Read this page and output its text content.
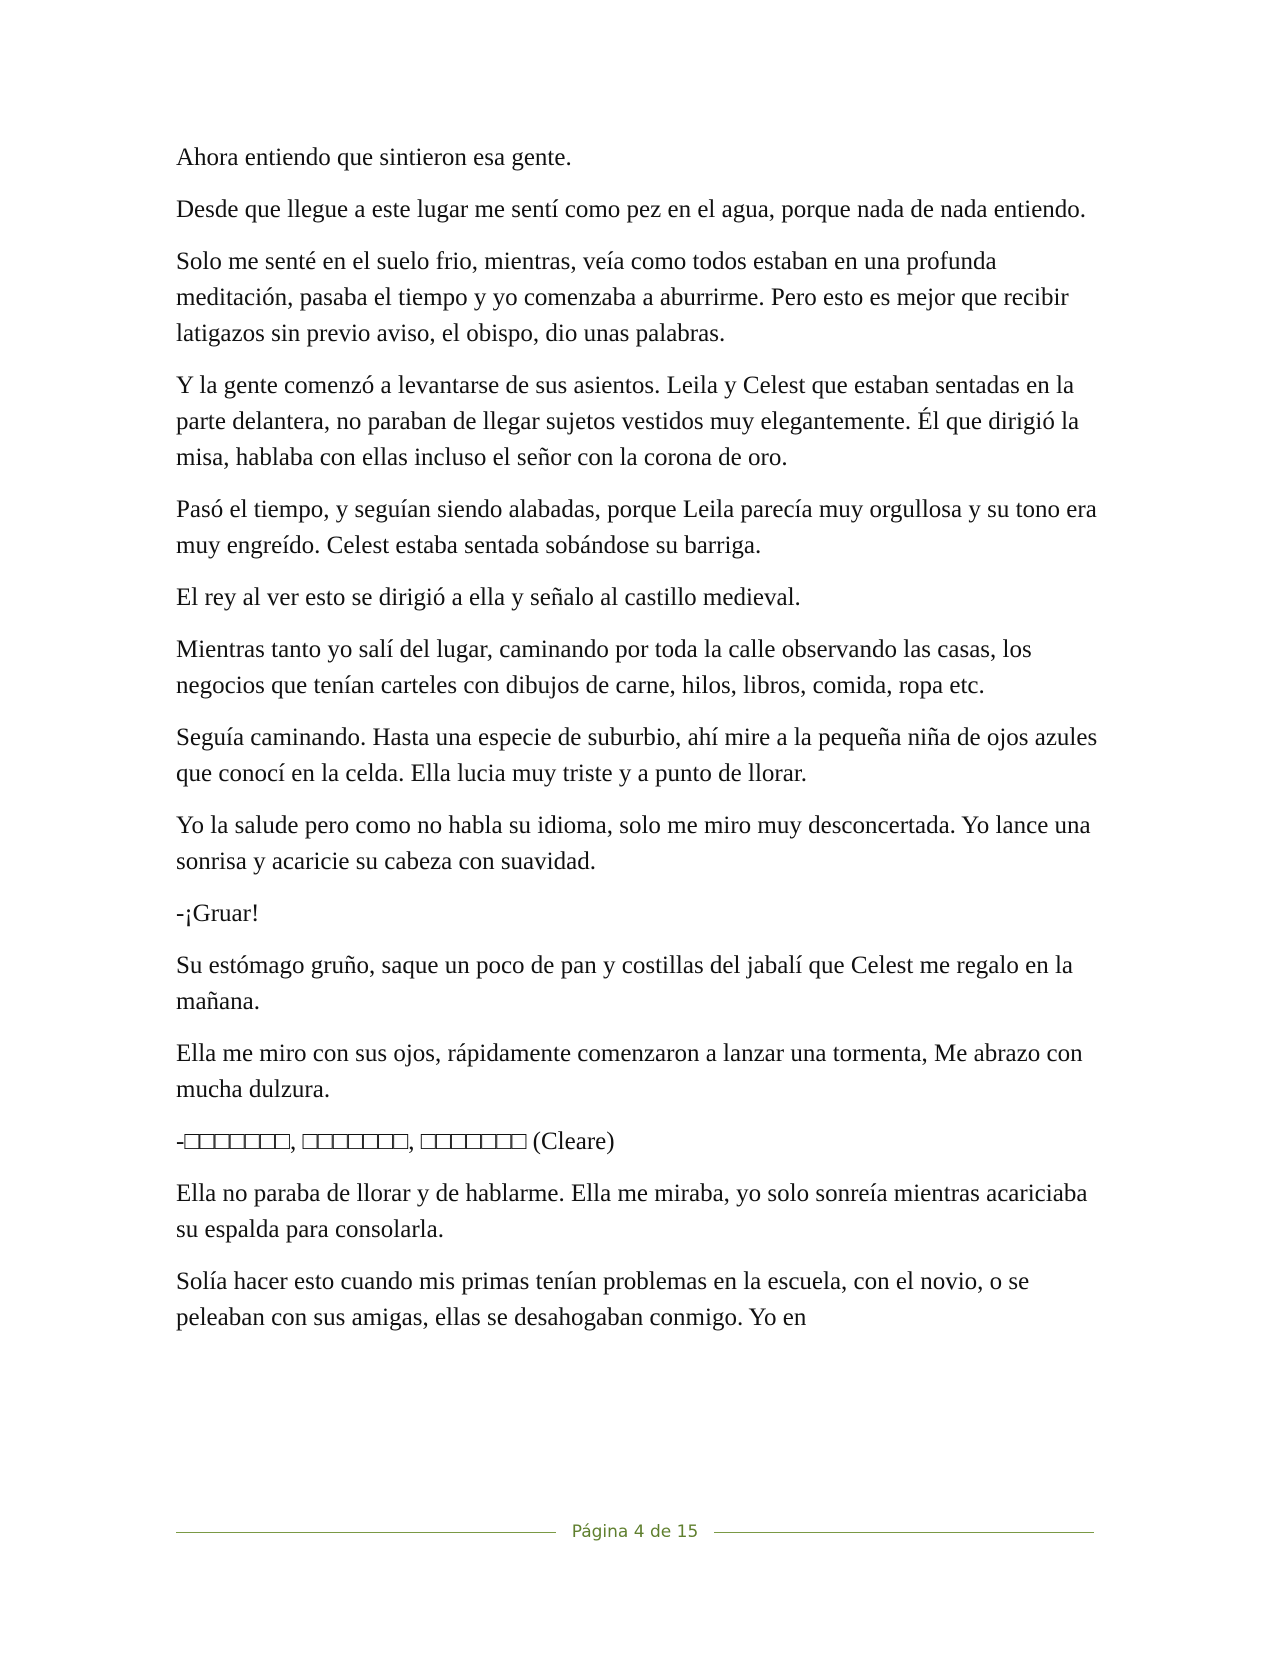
Ahora entiendo que sintieron esa gente.

Desde que llegue a este lugar me sentí como pez en el agua, porque nada de nada entiendo.

Solo me senté en el suelo frio, mientras, veía como todos estaban en una profunda meditación, pasaba el tiempo y yo comenzaba a aburrirme. Pero esto es mejor que recibir latigazos sin previo aviso, el obispo, dio unas palabras.

Y la gente comenzó a levantarse de sus asientos. Leila y Celest que estaban sentadas en la parte delantera, no paraban de llegar sujetos vestidos muy elegantemente. Él que dirigió la misa, hablaba con ellas incluso el señor con la corona de oro.

Pasó el tiempo, y seguían siendo alabadas, porque Leila parecía muy orgullosa y su tono era muy engreído. Celest estaba sentada sobándose su barriga.

El rey al ver esto se dirigió a ella y señalo al castillo medieval.

Mientras tanto yo salí del lugar, caminando por toda la calle observando las casas, los negocios que tenían carteles con dibujos de carne, hilos, libros, comida, ropa etc.

Seguía caminando. Hasta una especie de suburbio, ahí mire a la pequeña niña de ojos azules que conocí en la celda. Ella lucia muy triste y a punto de llorar.

Yo la salude pero como no habla su idioma, solo me miro muy desconcertada. Yo lance una sonrisa y acaricie su cabeza con suavidad.

-¡Gruar!

Su estómago gruño, saque un poco de pan y costillas del jabalí que Celest me regalo en la mañana.

Ella me miro con sus ojos, rápidamente comenzaron a lanzar una tormenta, Me abrazo con mucha dulzura.

-□□□□□□□, □□□□□□□, □□□□□□□ (Cleare)

Ella no paraba de llorar y de hablarme. Ella me miraba, yo solo sonreía mientras acariciaba su espalda para consolarla.

Solía hacer esto cuando mis primas tenían problemas en la escuela, con el novio, o se peleaban con sus amigas, ellas se desahogaban conmigo. Yo en

Página 4 de 15
